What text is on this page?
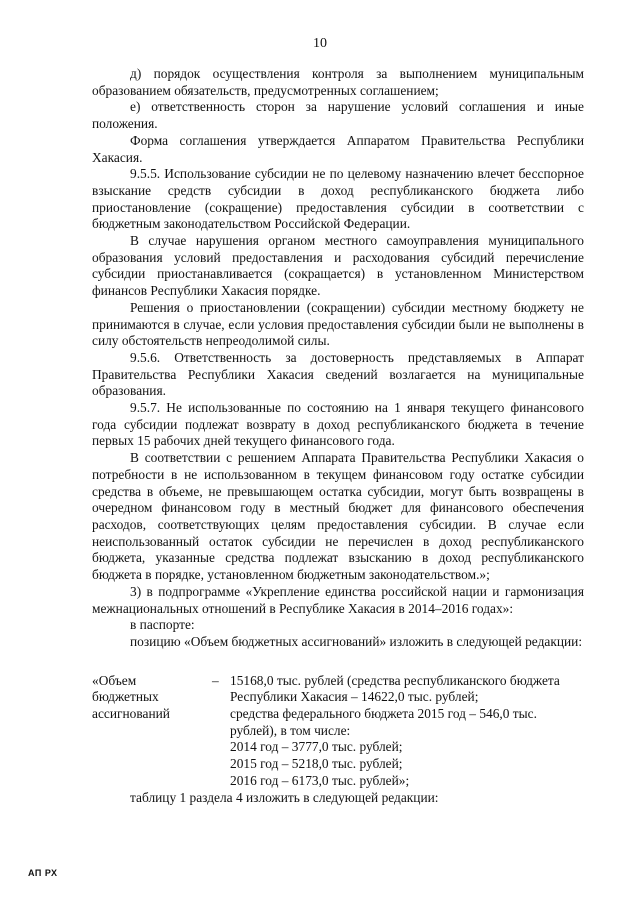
10

д) порядок осуществления контроля за выполнением муниципальным образованием обязательств, предусмотренных соглашением;

е) ответственность сторон за нарушение условий соглашения и иные положения.

Форма соглашения утверждается Аппаратом Правительства Республики Хакасия.

9.5.5. Использование субсидии не по целевому назначению влечет бесспорное взыскание средств субсидии в доход республиканского бюджета либо приостановление (сокращение) предоставления субсидии в соответствии с бюджетным законодательством Российской Федерации.

В случае нарушения органом местного самоуправления муниципального образования условий предоставления и расходования субсидий перечисление субсидии приостанавливается (сокращается) в установленном Министерством финансов Республики Хакасия порядке.

Решения о приостановлении (сокращении) субсидии местному бюджету не принимаются в случае, если условия предоставления субсидии были не выполнены в силу обстоятельств непреодолимой силы.

9.5.6. Ответственность за достоверность представляемых в Аппарат Правительства Республики Хакасия сведений возлагается на муниципальные образования.

9.5.7. Не использованные по состоянию на 1 января текущего финансового года субсидии подлежат возврату в доход республиканского бюджета в течение первых 15 рабочих дней текущего финансового года.

В соответствии с решением Аппарата Правительства Республики Хакасия о потребности в не использованном в текущем финансовом году остатке субсидии средства в объеме, не превышающем остатка субсидии, могут быть возвращены в очередном финансовом году в местный бюджет для финансового обеспечения расходов, соответствующих целям предоставления субсидии. В случае если неиспользованный остаток субсидии не перечислен в доход республиканского бюджета, указанные средства подлежат взысканию в доход республиканского бюджета в порядке, установленном бюджетным законодательством.»;

3) в подпрограмме «Укрепление единства российской нации и гармонизация межнациональных отношений в Республике Хакасия в 2014–2016 годах»:

в паспорте:

позицию «Объем бюджетных ассигнований» изложить в следующей редакции:

«Объем
бюджетных
ассигнований
– 15168,0 тыс. рублей (средства республиканского бюджета
Республики Хакасия – 14622,0 тыс. рублей;
средства федерального бюджета 2015 год – 546,0 тыс.
рублей), в том числе:
2014 год – 3777,0 тыс. рублей;
2015 год – 5218,0 тыс. рублей;
2016 год – 6173,0 тыс. рублей»;

таблицу 1 раздела 4 изложить в следующей редакции:

АП РХ
